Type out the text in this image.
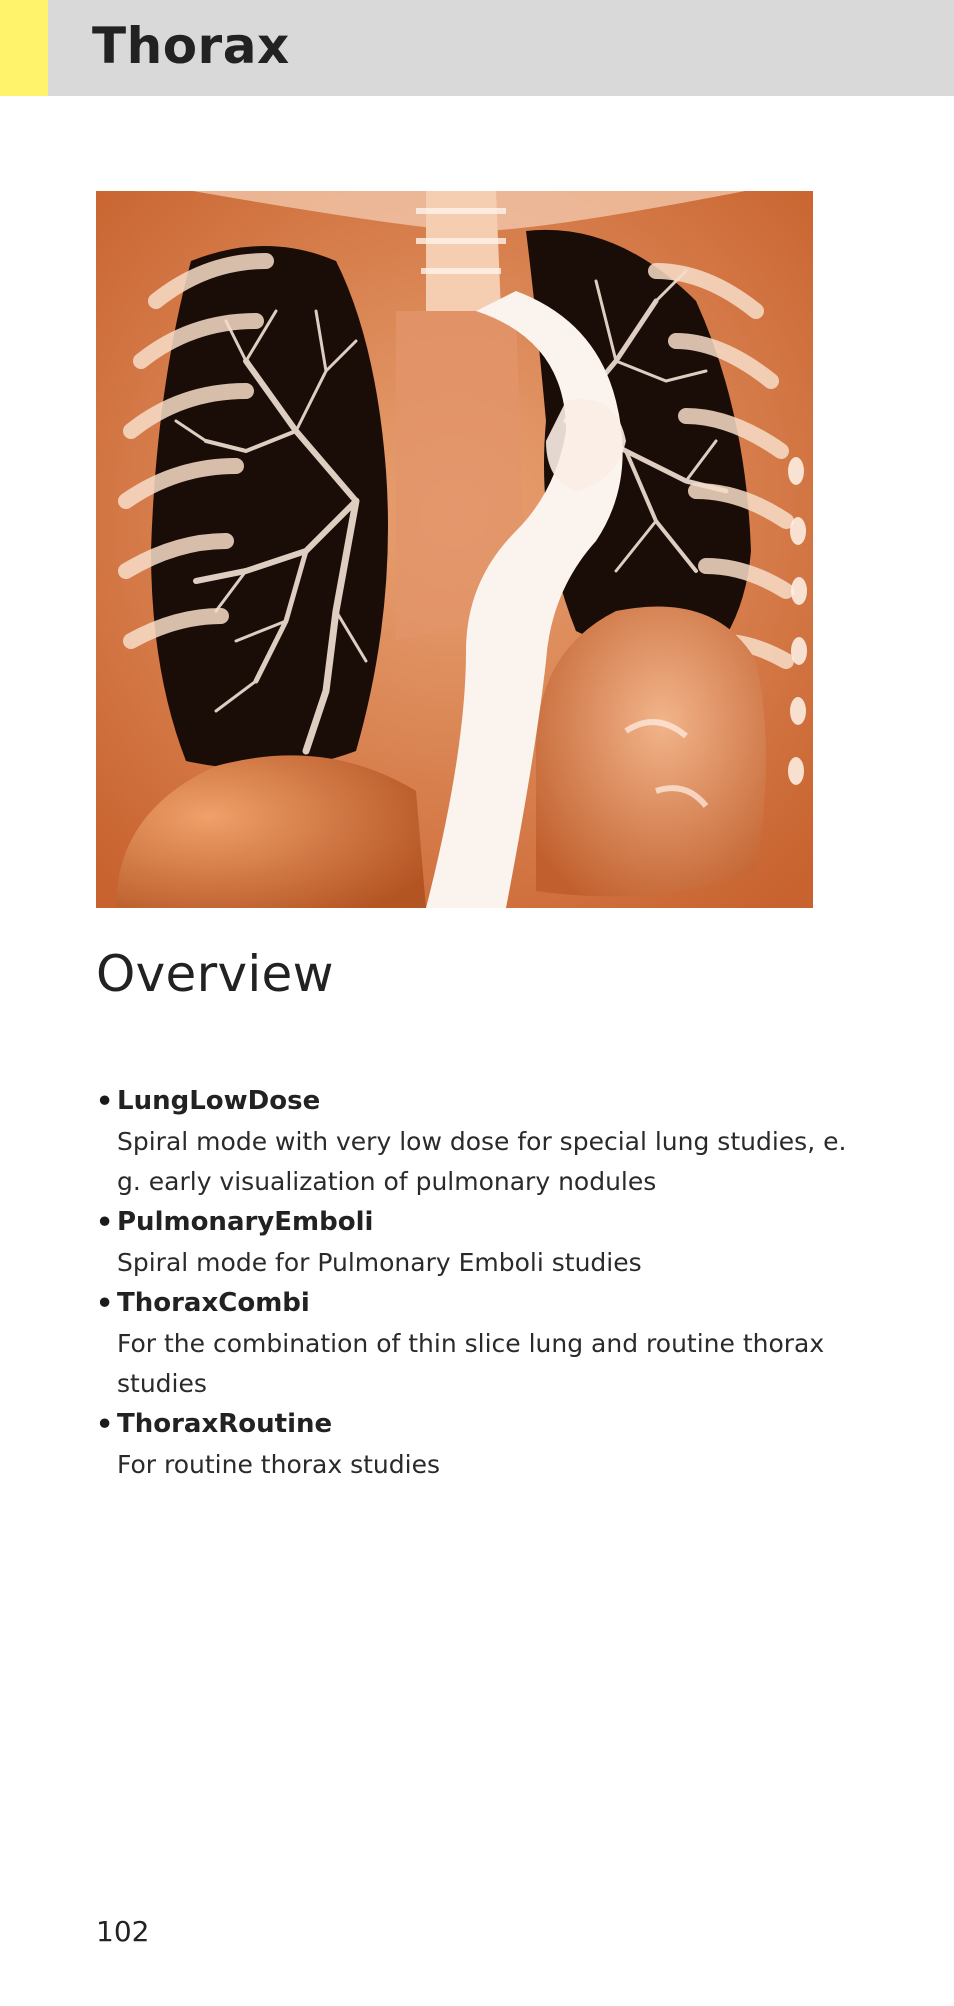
Thorax
Overview
• LungLowDose
Spiral mode with very low dose for special lung studies, e. g. early visualization of pulmonary nodules
• PulmonaryEmboli
Spiral mode for Pulmonary Emboli studies
• ThoraxCombi
For the combination of thin slice lung and routine thorax studies
• ThoraxRoutine
For routine thorax studies
102
